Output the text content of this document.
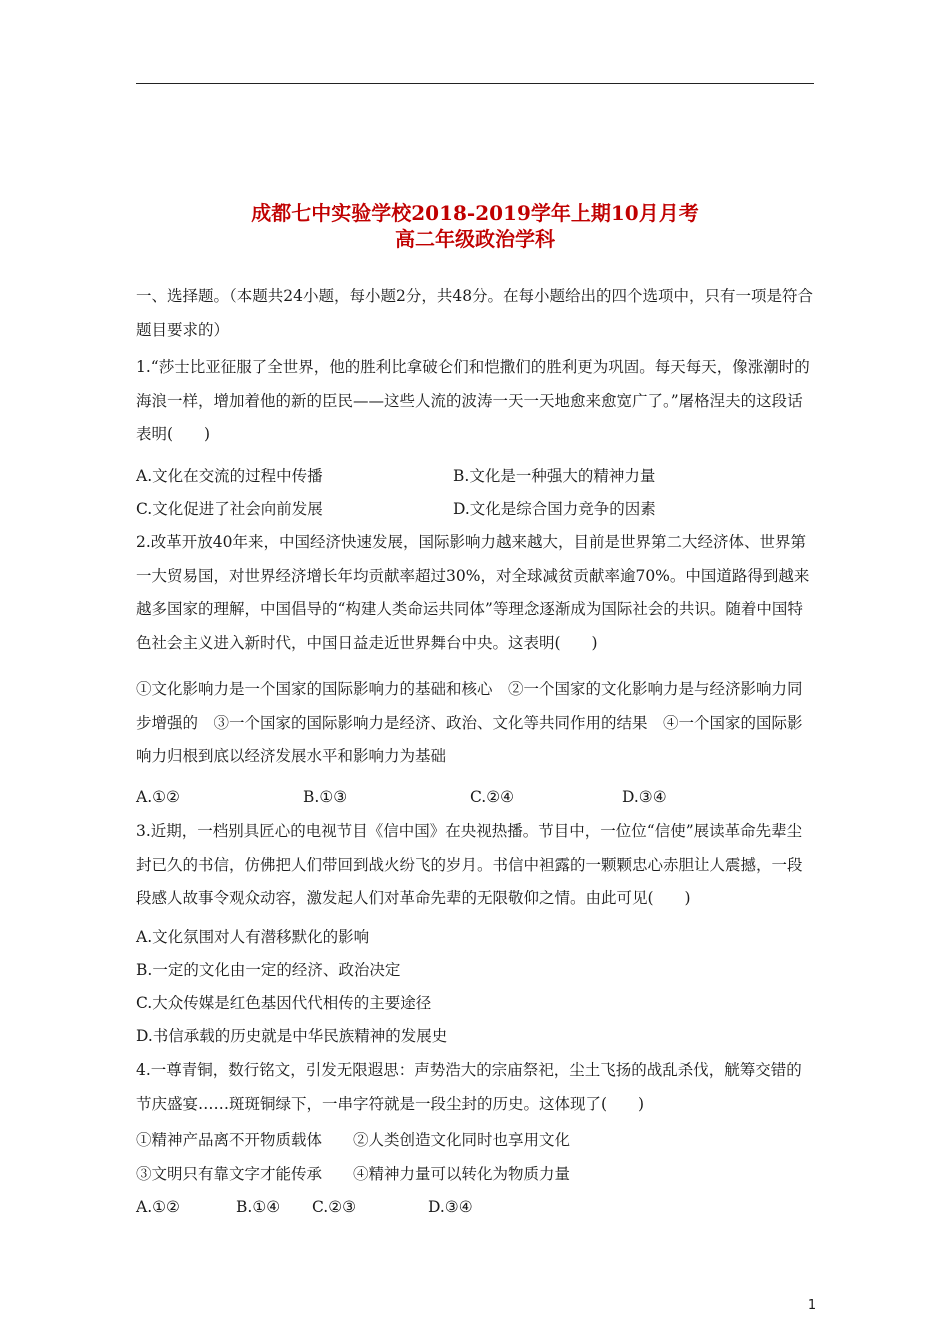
成都七中实验学校2018-2019学年上期10月月考
高二年级政治学科
一、选择题。（本题共24小题，每小题2分，共48分。在每小题给出的四个选项中，只有一项是符合题目要求的）
1.“莎士比亚征服了全世界，他的胜利比拿破仑们和恺撒们的胜利更为巩固。每天每天，像涨潮时的海浪一样，增加着他的新的臣民——这些人流的波涛一天一天地愈来愈宽广了。”屠格涅夫的这段话表明(　　)
A.文化在交流的过程中传播	B.文化是一种强大的精神力量
C.文化促进了社会向前发展	D.文化是综合国力竞争的因素
2.改革开放40年来，中国经济快速发展，国际影响力越来越大，目前是世界第二大经济体、世界第一大贸易国，对世界经济增长年均贡献率超过30%，对全球减贫贡献率逾70%。中国道路得到越来越多国家的理解，中国倡导的“构建人类命运共同体”等理念逐渐成为国际社会的共识。随着中国特色社会主义进入新时代，中国日益走近世界舞台中央。这表明(　　)
①文化影响力是一个国家的国际影响力的基础和核心　②一个国家的文化影响力是与经济影响力同步增强的　③一个国家的国际影响力是经济、政治、文化等共同作用的结果　④一个国家的国际影响力归根到底以经济发展水平和影响力为基础
A.①②	B.①③	C.②④	D.③④
3.近期，一档别具匠心的电视节目《信中国》在央视热播。节目中，一位位“信使”展读革命先辈尘封已久的书信，仿佛把人们带回到战火纷飞的岁月。书信中袒露的一颗颗忠心赤胆让人震撼，一段段感人故事令观众动容，激发起人们对革命先辈的无限敬仰之情。由此可见(　　)
A.文化氛围对人有潜移默化的影响
B.一定的文化由一定的经济、政治决定
C.大众传媒是红色基因代代相传的主要途径
D.书信承载的历史就是中华民族精神的发展史
4.一尊青铜，数行铭文，引发无限遐思：声势浩大的宗庙祭祀，尘土飞扬的战乱杀伐，觥筹交错的节庆盛宴……斑斑铜绿下，一串字符就是一段尘封的历史。这体现了(　　)
①精神产品离不开物质载体　　②人类创造文化同时也享用文化
③文明只有靠文字才能传承　　④精神力量可以转化为物质力量
A.①②	B.①④ C.②③	D.③④
1
